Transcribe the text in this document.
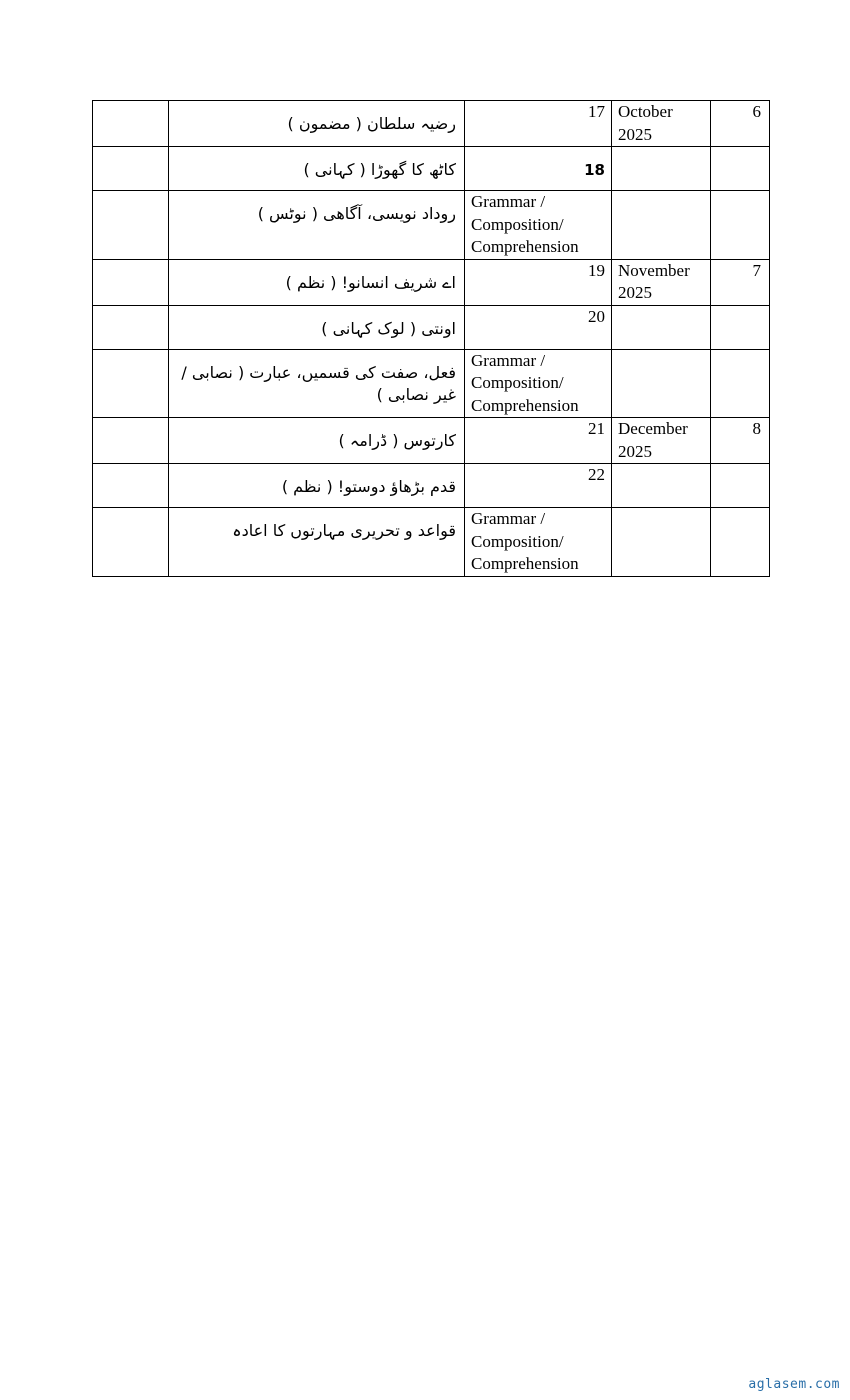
	رضیہ سلطان ( مضمون )	17	October 2025	6

	کاٹھ کا گھوڑا ( کہانی )	18		

	روداد نویسی، آگاھی ( نوٹس )	Grammar / Composition/ Comprehension		

	اے شریف انسانو! ( نظم )	19	November 2025	7

	اونتی ( لوک کہانی )	20		

	فعل، صفت کی قسمیں، عبارت ( نصابی / غیر نصابی )	Grammar / Composition/ Comprehension		

	کارتوس ( ڈرامہ )	21	December 2025	8

	قدم بڑھاؤ دوستو! ( نظم )	22		

	قواعد و تحریری مہارتوں کا اعادہ	Grammar / Composition/ Comprehension		
aglasem.com
